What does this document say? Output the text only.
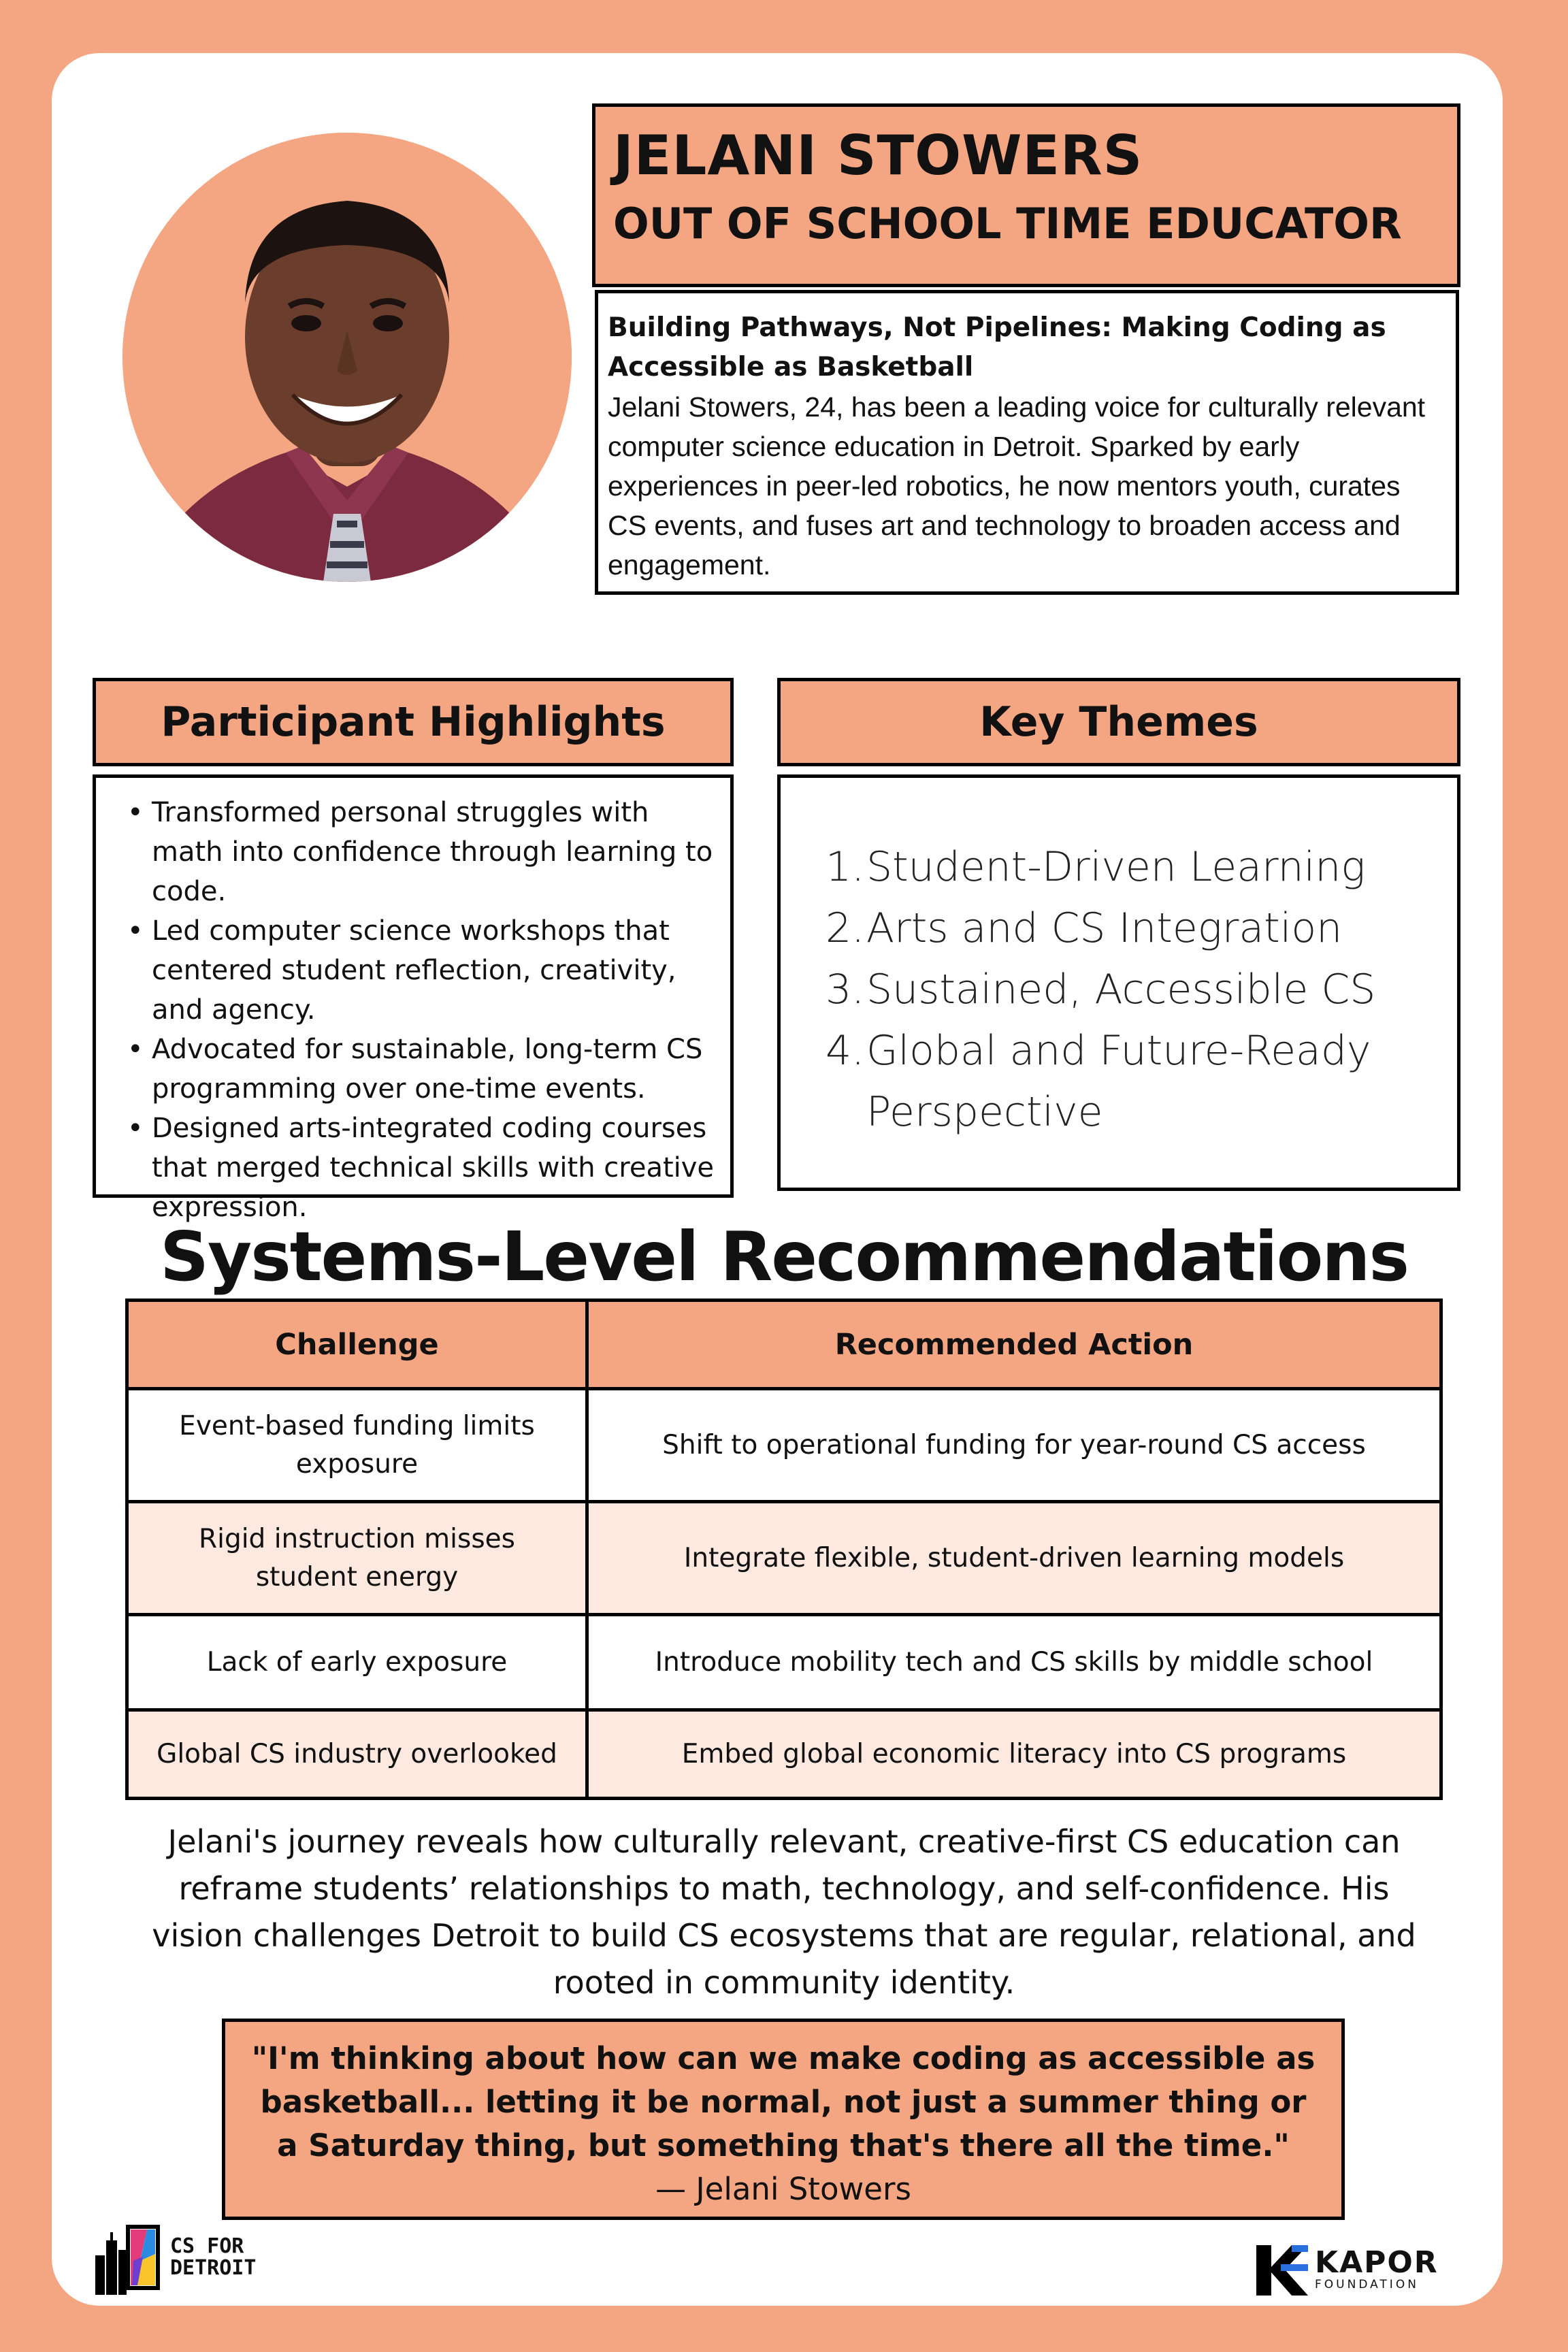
JELANI STOWERS
OUT OF SCHOOL TIME EDUCATOR
Building Pathways, Not Pipelines: Making Coding as Accessible as Basketball
Jelani Stowers, 24, has been a leading voice for culturally relevant computer science education in Detroit. Sparked by early experiences in peer-led robotics, he now mentors youth, curates CS events, and fuses art and technology to broaden access and engagement.
Participant Highlights
• Transformed personal struggles with math into confidence through learning to code.
• Led computer science workshops that centered student reflection, creativity, and agency.
• Advocated for sustainable, long-term CS programming over one-time events.
• Designed arts-integrated coding courses that merged technical skills with creative expression.
Key Themes
1. Student-Driven Learning
2. Arts and CS Integration
3. Sustained, Accessible CS
4. Global and Future-Ready Perspective
Systems-Level Recommendations
Challenge	Recommended Action
Event-based funding limits exposure	Shift to operational funding for year-round CS access
Rigid instruction misses student energy	Integrate flexible, student-driven learning models
Lack of early exposure	Introduce mobility tech and CS skills by middle school
Global CS industry overlooked	Embed global economic literacy into CS programs
Jelani's journey reveals how culturally relevant, creative-first CS education can reframe students’ relationships to math, technology, and self-confidence. His vision challenges Detroit to build CS ecosystems that are regular, relational, and rooted in community identity.
"I'm thinking about how can we make coding as accessible as basketball... letting it be normal, not just a summer thing or a Saturday thing, but something that's there all the time."
— Jelani Stowers
CS FOR
DETROIT	KAPOR
FOUNDATION
